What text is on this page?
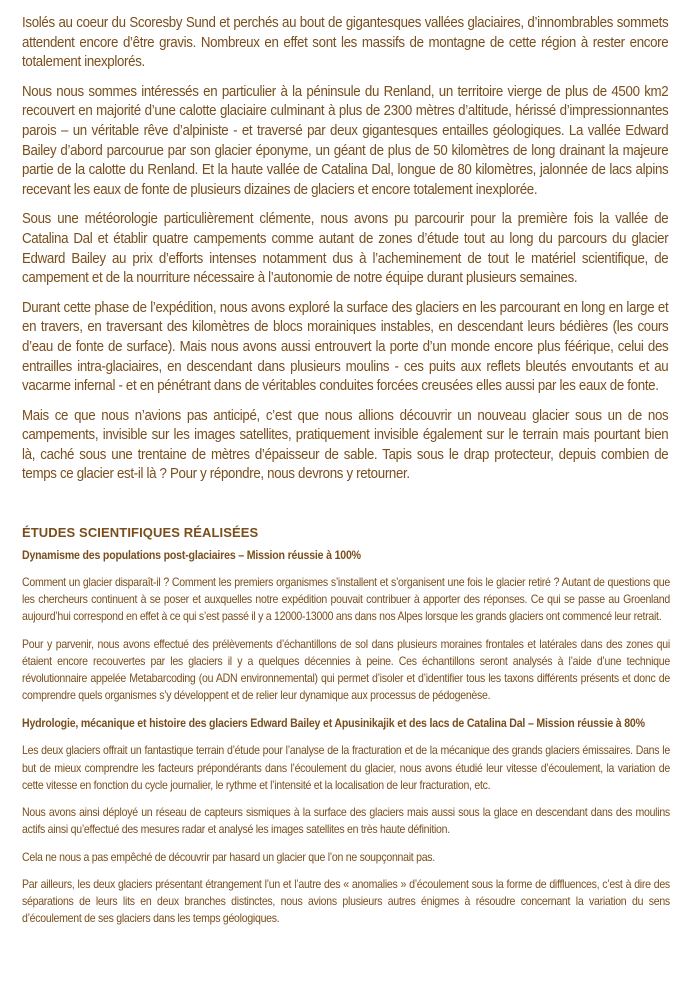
Isolés au coeur du Scoresby Sund et perchés au bout de gigantesques vallées glaciaires, d’innombrables sommets attendent encore d’être gravis. Nombreux en effet sont les massifs de montagne de cette région à rester encore totalement inexplorés.

Nous nous sommes intéressés en particulier à la péninsule du Renland, un territoire vierge de plus de 4500 km2 recouvert en majorité d’une calotte glaciaire culminant à plus de 2300 mètres d’altitude, hérissé d’impressionnantes parois – un véritable rêve d’alpiniste - et traversé par deux gigantesques entailles géologiques. La vallée Edward Bailey d’abord parcourue par son glacier éponyme, un géant de plus de 50 kilomètres de long drainant la majeure partie de la calotte du Renland. Et la haute vallée de Catalina Dal, longue de 80 kilomètres, jalonnée de lacs alpins recevant les eaux de fonte de plusieurs dizaines de glaciers et encore totalement inexplorée.

Sous une météorologie particulièrement clémente, nous avons pu parcourir pour la première fois la vallée de Catalina Dal et établir quatre campements comme autant de zones d’étude tout au long du parcours du glacier Edward Bailey au prix d’efforts intenses notamment dus à l’acheminement de tout le matériel scientifique, de campement et de la nourriture nécessaire à l’autonomie de notre équipe durant plusieurs semaines.

Durant cette phase de l’expédition, nous avons exploré la surface des glaciers en les parcourant en long en large et en travers, en traversant des kilomètres de blocs morainiques instables, en descendant leurs bédières (les cours d’eau de fonte de surface). Mais nous avons aussi entrouvert la porte d’un monde encore plus féérique, celui des entrailles intra-glaciaires, en descendant dans plusieurs moulins - ces puits aux reflets bleutés envoutants et au vacarme infernal - et en pénétrant dans de véritables conduites forcées creusées elles aussi par les eaux de fonte.

Mais ce que nous n’avions pas anticipé, c’est que nous allions découvrir un nouveau glacier sous un de nos campements, invisible sur les images satellites, pratiquement invisible également sur le terrain mais pourtant bien là, caché sous une trentaine de mètres d’épaisseur de sable. Tapis sous le drap protecteur, depuis combien de temps ce glacier est-il là ? Pour y répondre, nous devrons y retourner.

ÉTUDES SCIENTIFIQUES RÉALISÉES
Dynamisme des populations post-glaciaires – Mission réussie à 100%

Comment un glacier disparaît-il ? Comment les premiers organismes s’installent et s’organisent une fois le glacier retiré ? Autant de questions que les chercheurs continuent à se poser et auxquelles notre expédition pouvait contribuer à apporter des réponses. Ce qui se passe au Groenland aujourd’hui correspond en effet à ce qui s’est passé il y a 12000-13000 ans dans nos Alpes lorsque les grands glaciers ont commencé leur retrait.

Pour y parvenir, nous avons effectué des prélèvements d’échantillons de sol dans plusieurs moraines frontales et latérales dans des zones qui étaient encore recouvertes par les glaciers il y a quelques décennies à peine. Ces échantillons seront analysés à l’aide d’une technique révolutionnaire appelée Metabarcoding (ou ADN environnemental) qui permet d’isoler et d’identifier tous les taxons différents présents et donc de comprendre quels organismes s’y développent et de relier leur dynamique aux processus de pédogenèse.

Hydrologie, mécanique et histoire des glaciers Edward Bailey et Apusinikajik et des lacs de Catalina Dal – Mission réussie à 80%

Les deux glaciers offrait un fantastique terrain d’étude pour l’analyse de la fracturation et de la mécanique des grands glaciers émissaires. Dans le but de mieux comprendre les facteurs prépondérants dans l’écoulement du glacier, nous avons étudié leur vitesse d’écoulement, la variation de cette vitesse en fonction du cycle journalier, le rythme et l’intensité et la localisation de leur fracturation, etc.

Nous avons ainsi déployé un réseau de capteurs sismiques à la surface des glaciers mais aussi sous la glace en descendant dans des moulins actifs ainsi qu’effectué des mesures radar et analysé les images satellites en très haute définition.

Cela ne nous a pas empêché de découvrir par hasard un glacier que l’on ne soupçonnait pas.

Par ailleurs, les deux glaciers présentant étrangement l’un et l’autre des « anomalies » d’écoulement sous la forme de diffluences, c’est à dire des séparations de leurs lits en deux branches distinctes, nous avions plusieurs autres énigmes à résoudre concernant la variation du sens d’écoulement de ses glaciers dans les temps géologiques.
